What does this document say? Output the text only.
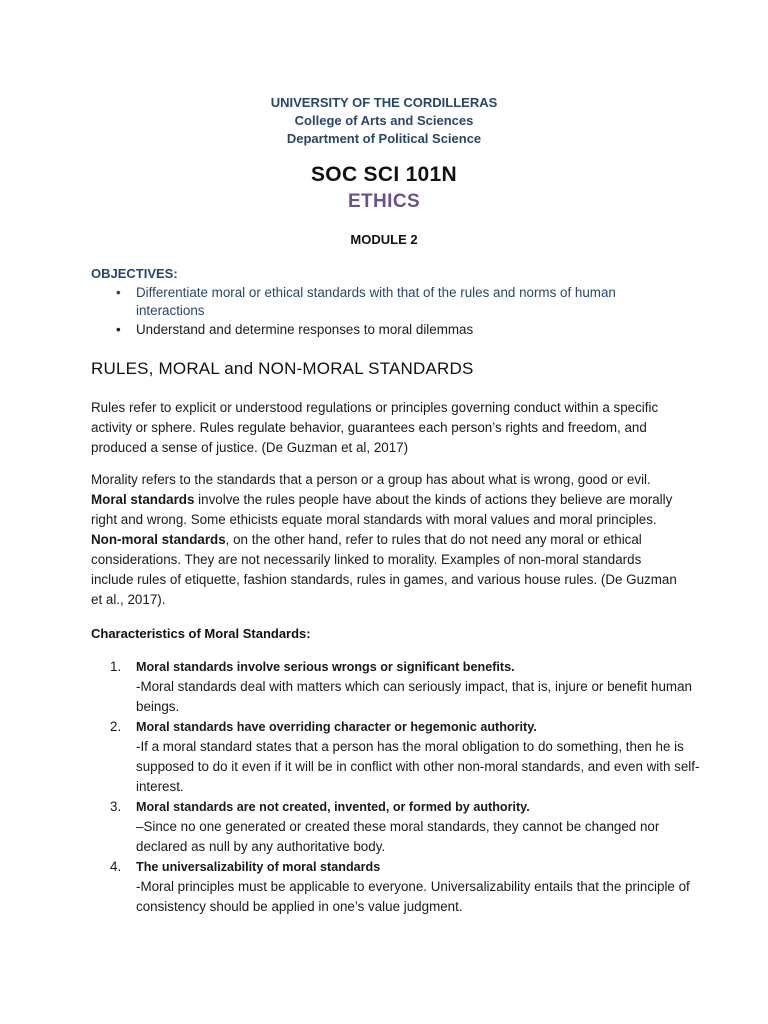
UNIVERSITY OF THE CORDILLERAS
College of Arts and Sciences
Department of Political Science
SOC SCI 101N
ETHICS
MODULE 2
OBJECTIVES:
• Differentiate moral or ethical standards with that of the rules and norms of human interactions
• Understand and determine responses to moral dilemmas
RULES, MORAL and NON-MORAL STANDARDS

Rules refer to explicit or understood regulations or principles governing conduct within a specific activity or sphere. Rules regulate behavior, guarantees each person’s rights and freedom, and produced a sense of justice. (De Guzman et al, 2017)

Morality refers to the standards that a person or a group has about what is wrong, good or evil. Moral standards involve the rules people have about the kinds of actions they believe are morally right and wrong. Some ethicists equate moral standards with moral values and moral principles. Non-moral standards, on the other hand, refer to rules that do not need any moral or ethical considerations. They are not necessarily linked to morality. Examples of non-moral standards include rules of etiquette, fashion standards, rules in games, and various house rules. (De Guzman et al., 2017).

Characteristics of Moral Standards:
1. Moral standards involve serious wrongs or significant benefits.
-Moral standards deal with matters which can seriously impact, that is, injure or benefit human beings.
2. Moral standards have overriding character or hegemonic authority.
-If a moral standard states that a person has the moral obligation to do something, then he is supposed to do it even if it will be in conflict with other non-moral standards, and even with self-interest.
3. Moral standards are not created, invented, or formed by authority.
–Since no one generated or created these moral standards, they cannot be changed nor declared as null by any authoritative body.
4. The universalizability of moral standards
-Moral principles must be applicable to everyone. Universalizability entails that the principle of consistency should be applied in one’s value judgment.
